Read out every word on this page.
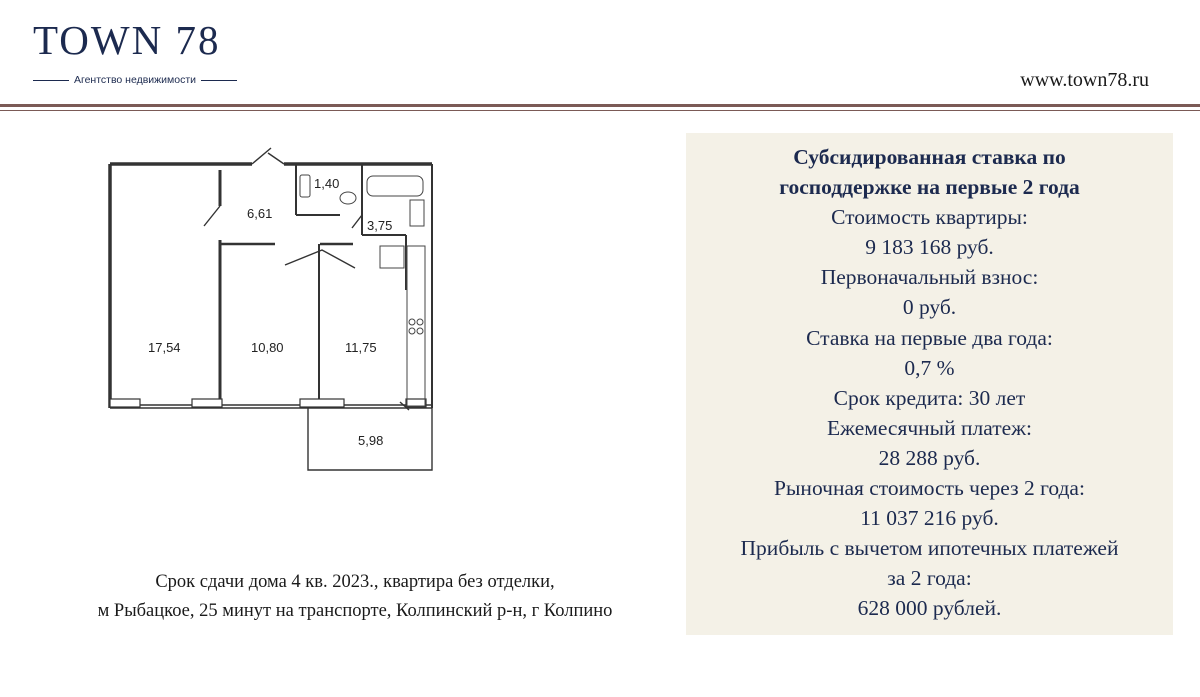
TOWN 78
Агентство недвижимости	www.town78.ru
17,54
6,61
1,40
3,75
10,80	11,75
5,98
Срок сдачи дома 4 кв. 2023., квартира без отделки,
м Рыбацкое, 25 минут на транспорте, Колпинский р-н, г Колпино
Субсидированная ставка по
господдержке на первые 2 года
Стоимость квартиры:
9 183 168 руб.
Первоначальный взнос:
0 руб.
Ставка на первые два года:
0,7 %
Срок кредита: 30 лет
Ежемесячный платеж:
28 288 руб.
Рыночная стоимость через 2 года:
11 037 216 руб.
Прибыль с вычетом ипотечных платежей
за 2 года:
628 000 рублей.
